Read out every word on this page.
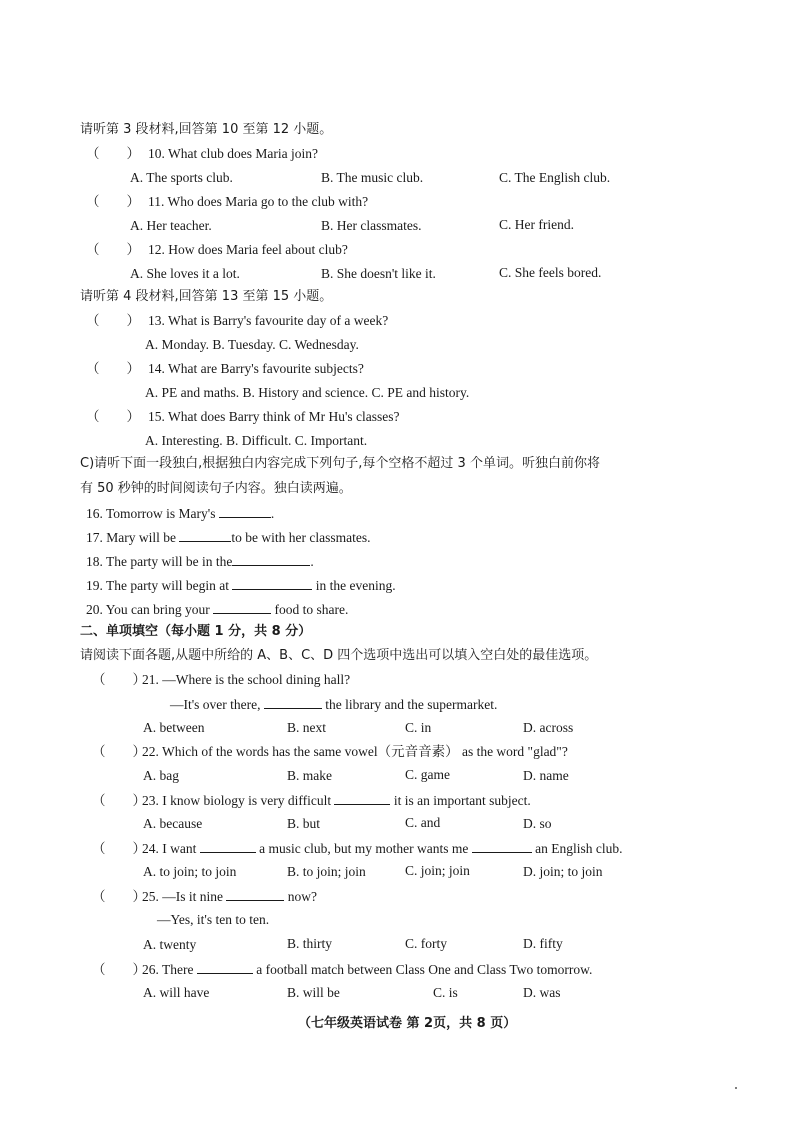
请听第 3 段材料,回答第 10 至第 12 小题。
（　　） 10. What club does Maria join?
A. The sports club.	B. The music club.	C. The English club.
（　　） 11. Who does Maria go to the club with?
A. Her teacher.	B. Her classmates.	C. Her friend.
（　　） 12. How does Maria feel about club?
A. She loves it a lot.	B. She doesn't like it.	C. She feels bored.
请听第 4 段材料,回答第 13 至第 15 小题。
（　　） 13. What is Barry's favourite day of a week?
A. Monday. B. Tuesday. C. Wednesday.
（　　） 14. What are Barry's favourite subjects?
A. PE and maths. B. History and science. C. PE and history.
（　　） 15. What does Barry think of Mr Hu's classes?
A. Interesting. B. Difficult. C. Important.
C)请听下面一段独白,根据独白内容完成下列句子,每个空格不超过 3 个单词。听独白前你将
有 50 秒钟的时间阅读句子内容。独白读两遍。
16. Tomorrow is Mary's	.
17. Mary will be	to be with her classmates.
18. The party will be in the	.
19. The party will begin at	in the evening.
20. You can bring your	food to share.
二、单项填空（每小题 1 分，共 8 分）
请阅读下面各题,从题中所给的 A、B、C、D 四个选项中选出可以填入空白处的最佳选项。
（　　）21. —Where is the school dining hall?
—It's over there,	the library and the supermarket.
A. between	B. next	C. in	D. across
（　　）22. Which of the words has the same vowel（元音音素） as the word "glad"?
A. bag	B. make	C. game	D. name
（　　）23. I know biology is very difficult	it is an important subject.
A. because	B. but	C. and	D. so
（　　）24. I want	a music club, but my mother wants me	an English club.
A. to join; to join	B. to join; join	C. join; join	D. join; to join
（　　）25. —Is it nine	now?
—Yes, it's ten to ten.
A. twenty	B. thirty	C. forty	D. fifty
（　　）26. There	a football match between Class One and Class Two tomorrow.
A. will have	B. will be	C. is	D. was
（七年级英语试卷 第 2页，共 8 页）
